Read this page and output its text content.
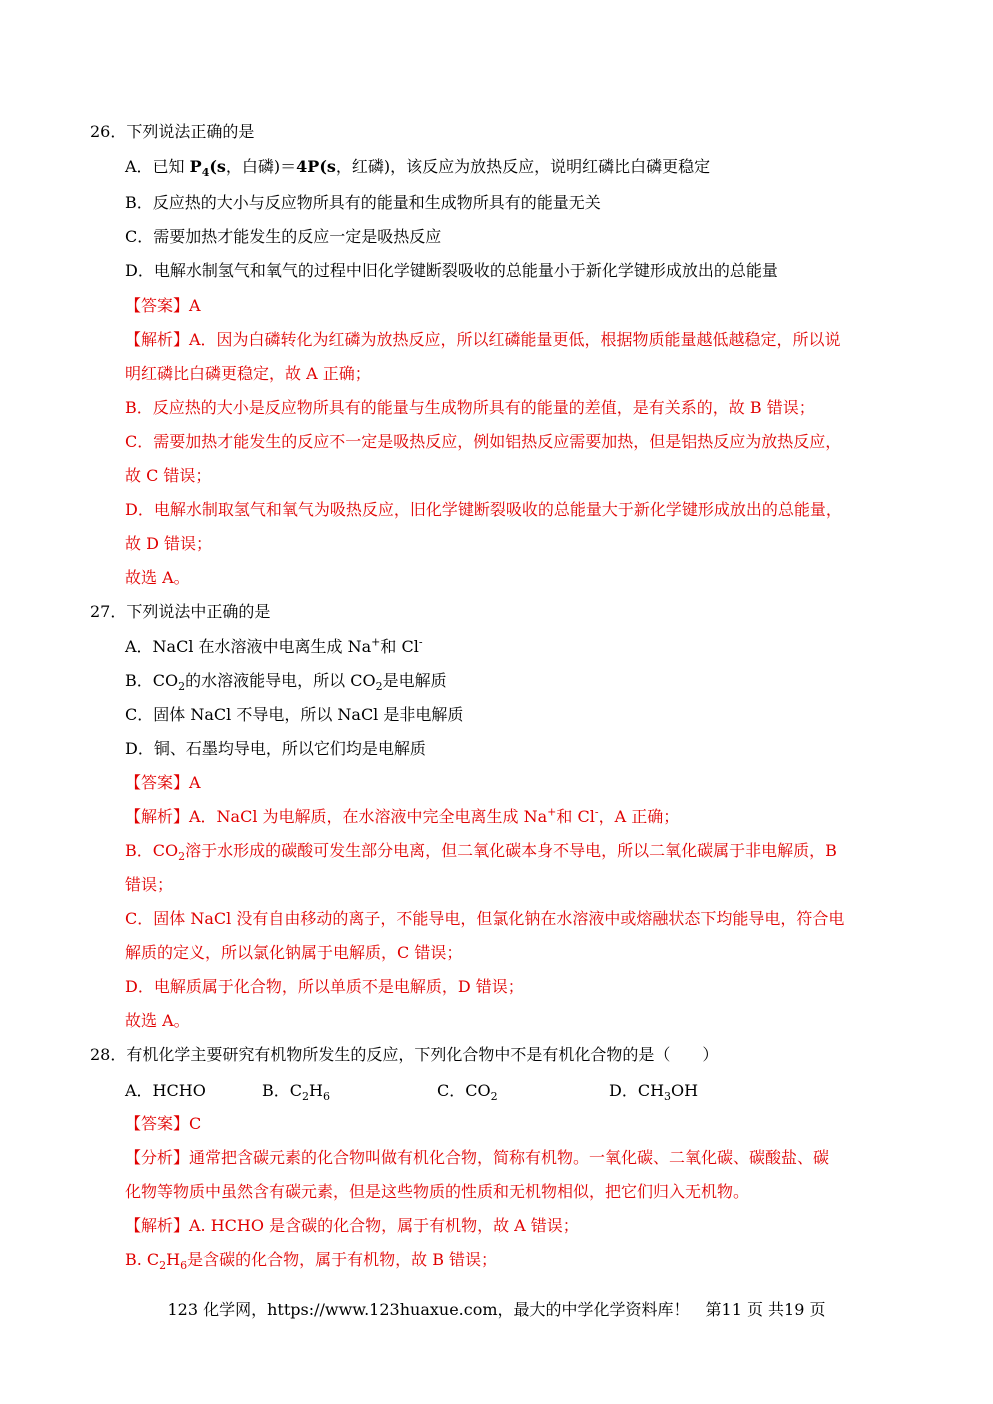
26．下列说法正确的是
A．已知 $P_4(s$，白磷)＝4P(s，红磷)，该反应为放热反应，说明红磷比白磷更稳定
B．反应热的大小与反应物所具有的能量和生成物所具有的能量无关
C．需要加热才能发生的反应一定是吸热反应
D．电解水制氢气和氧气的过程中旧化学键断裂吸收的总能量小于新化学键形成放出的总能量
【答案】A
【解析】A．因为白磷转化为红磷为放热反应，所以红磷能量更低，根据物质能量越低越稳定，所以说
明红磷比白磷更稳定，故 A 正确；
B．反应热的大小是反应物所具有的能量与生成物所具有的能量的差值，是有关系的，故 B 错误；
C．需要加热才能发生的反应不一定是吸热反应，例如铝热反应需要加热，但是铝热反应为放热反应，
故 C 错误；
D．电解水制取氢气和氧气为吸热反应，旧化学键断裂吸收的总能量大于新化学键形成放出的总能量，
故 D 错误；
故选 A。
27．下列说法中正确的是
A．NaCl 在水溶液中电离生成 Na+和 Cl-
B．$CO_2$的水溶液能导电，所以 $CO_2$是电解质
C．固体 NaCl 不导电，所以 NaCl 是非电解质
D．铜、石墨均导电，所以它们均是电解质
【答案】A
【解析】A．NaCl 为电解质，在水溶液中完全电离生成 Na+和 Cl-，A 正确；
B．$CO_2$溶于水形成的碳酸可发生部分电离，但二氧化碳本身不导电，所以二氧化碳属于非电解质，B
错误；
C．固体 NaCl 没有自由移动的离子，不能导电，但氯化钠在水溶液中或熔融状态下均能导电，符合电
解质的定义，所以氯化钠属于电解质，C 错误；
D．电解质属于化合物，所以单质不是电解质，D 错误；
故选 A。
28．有机化学主要研究有机物所发生的反应，下列化合物中不是有机化合物的是（　　）
A．HCHO	B．$C_2H_6$	C．$CO_2$	D．$CH_3OH$
【答案】C
【分析】通常把含碳元素的化合物叫做有机化合物，简称有机物。一氧化碳、二氧化碳、碳酸盐、碳
化物等物质中虽然含有碳元素，但是这些物质的性质和无机物相似，把它们归入无机物。
【解析】A. HCHO 是含碳的化合物，属于有机物，故 A 错误；
B. $C_2H_6$是含碳的化合物，属于有机物，故 B 错误；
123 化学网，https://www.123huaxue.com，最大的中学化学资料库！　第11 页 共19 页
